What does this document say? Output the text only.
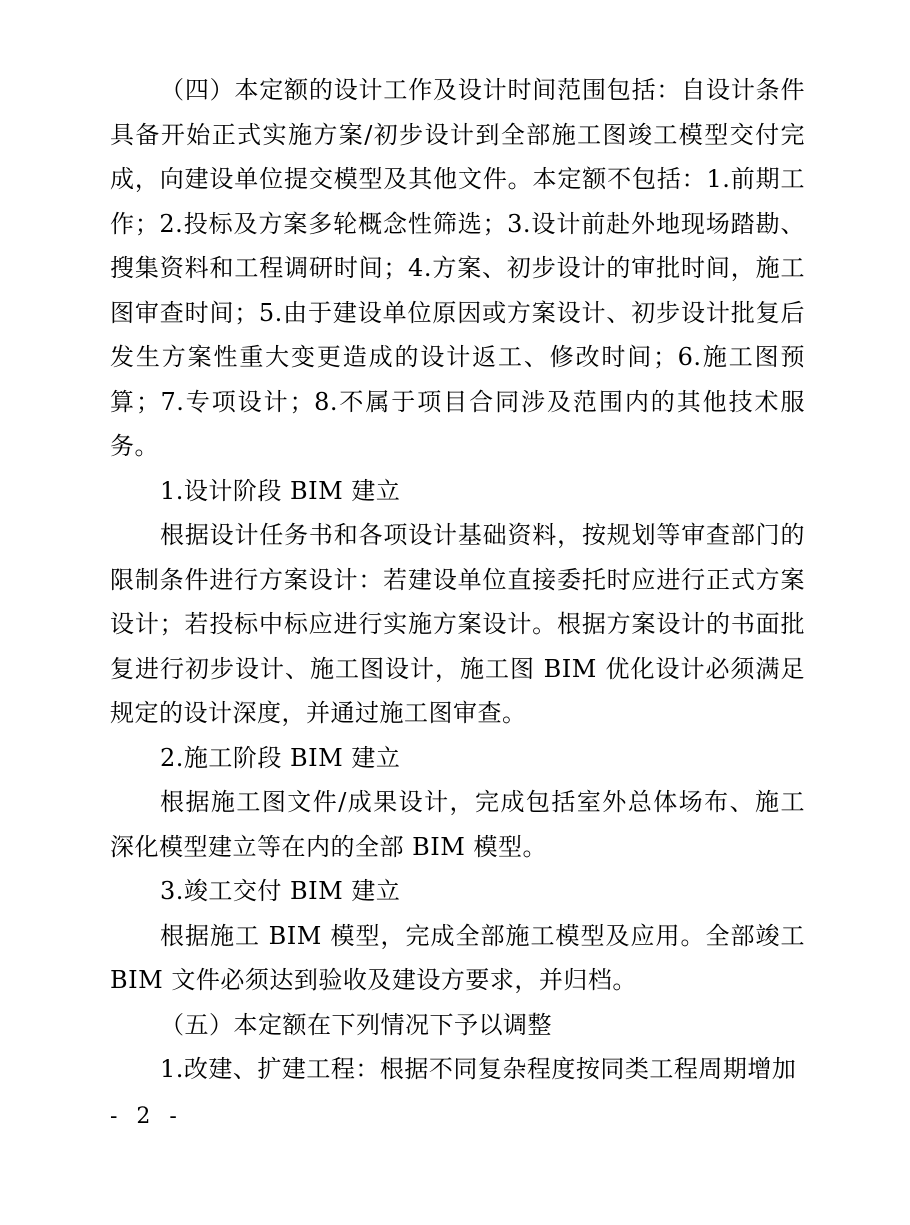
（四）本定额的设计工作及设计时间范围包括：自设计条件具备开始正式实施方案/初步设计到全部施工图竣工模型交付完成，向建设单位提交模型及其他文件。本定额不包括：1.前期工作；2.投标及方案多轮概念性筛选；3.设计前赴外地现场踏勘、搜集资料和工程调研时间；4.方案、初步设计的审批时间，施工图审查时间；5.由于建设单位原因或方案设计、初步设计批复后发生方案性重大变更造成的设计返工、修改时间；6.施工图预算；7.专项设计；8.不属于项目合同涉及范围内的其他技术服务。

1.设计阶段 BIM 建立

根据设计任务书和各项设计基础资料，按规划等审查部门的限制条件进行方案设计：若建设单位直接委托时应进行正式方案设计；若投标中标应进行实施方案设计。根据方案设计的书面批复进行初步设计、施工图设计，施工图 BIM 优化设计必须满足规定的设计深度，并通过施工图审查。

2.施工阶段 BIM 建立

根据施工图文件/成果设计，完成包括室外总体场布、施工深化模型建立等在内的全部 BIM 模型。

3.竣工交付 BIM 建立

根据施工 BIM 模型，完成全部施工模型及应用。全部竣工 BIM 文件必须达到验收及建设方要求，并归档。

（五）本定额在下列情况下予以调整

1.改建、扩建工程：根据不同复杂程度按同类工程周期增加

- 2 -
